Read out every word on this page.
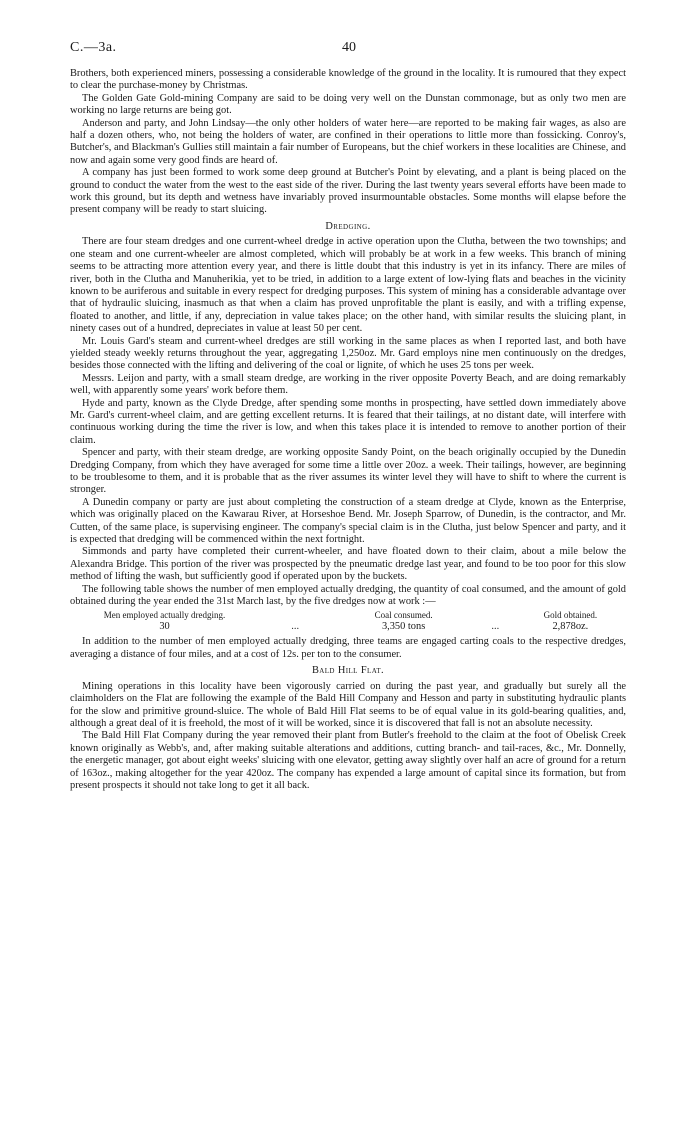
C.—3a.	40

Brothers, both experienced miners, possessing a considerable knowledge of the ground in the locality. It is rumoured that they expect to clear the purchase-money by Christmas.

The Golden Gate Gold-mining Company are said to be doing very well on the Dunstan commonage, but as only two men are working no large returns are being got.

Anderson and party, and John Lindsay—the only other holders of water here—are reported to be making fair wages, as also are half a dozen others, who, not being the holders of water, are confined in their operations to little more than fossicking. Conroy's, Butcher's, and Blackman's Gullies still maintain a fair number of Europeans, but the chief workers in these localities are Chinese, and now and again some very good finds are heard of.

A company has just been formed to work some deep ground at Butcher's Point by elevating, and a plant is being placed on the ground to conduct the water from the west to the east side of the river. During the last twenty years several efforts have been made to work this ground, but its depth and wetness have invariably proved insurmountable obstacles. Some months will elapse before the present company will be ready to start sluicing.

Dredging.

There are four steam dredges and one current-wheel dredge in active operation upon the Clutha, between the two townships; and one steam and one current-wheeler are almost completed, which will probably be at work in a few weeks. This branch of mining seems to be attracting more attention every year, and there is little doubt that this industry is yet in its infancy. There are miles of river, both in the Clutha and Manuherikia, yet to be tried, in addition to a large extent of low-lying flats and beaches in the vicinity known to be auriferous and suitable in every respect for dredging purposes. This system of mining has a considerable advantage over that of hydraulic sluicing, inasmuch as that when a claim has proved unprofitable the plant is easily, and with a trifling expense, floated to another, and little, if any, depreciation in value takes place; on the other hand, with similar results the sluicing plant, in ninety cases out of a hundred, depreciates in value at least 50 per cent.

Mr. Louis Gard's steam and current-wheel dredges are still working in the same places as when I reported last, and both have yielded steady weekly returns throughout the year, aggregating 1,250oz. Mr. Gard employs nine men continuously on the dredges, besides those connected with the lifting and delivering of the coal or lignite, of which he uses 25 tons per week.

Messrs. Leijon and party, with a small steam dredge, are working in the river opposite Poverty Beach, and are doing remarkably well, with apparently some years' work before them.

Hyde and party, known as the Clyde Dredge, after spending some months in prospecting, have settled down immediately above Mr. Gard's current-wheel claim, and are getting excellent returns. It is feared that their tailings, at no distant date, will interfere with continuous working during the time the river is low, and when this takes place it is intended to remove to another portion of their claim.

Spencer and party, with their steam dredge, are working opposite Sandy Point, on the beach originally occupied by the Dunedin Dredging Company, from which they have averaged for some time a little over 20oz. a week. Their tailings, however, are beginning to be troublesome to them, and it is probable that as the river assumes its winter level they will have to shift to where the current is stronger.

A Dunedin company or party are just about completing the construction of a steam dredge at Clyde, known as the Enterprise, which was originally placed on the Kawarau River, at Horseshoe Bend. Mr. Joseph Sparrow, of Dunedin, is the contractor, and Mr. Cutten, of the same place, is supervising engineer. The company's special claim is in the Clutha, just below Spencer and party, and it is expected that dredging will be commenced within the next fortnight.

Simmonds and party have completed their current-wheeler, and have floated down to their claim, about a mile below the Alexandra Bridge. This portion of the river was prospected by the pneumatic dredge last year, and found to be too poor for this slow method of lifting the wash, but sufficiently good if operated upon by the buckets.

The following table shows the number of men employed actually dredging, the quantity of coal consumed, and the amount of gold obtained during the year ended the 31st March last, by the five dredges now at work :—

Men employed actually dredging.		Coal consumed.		Gold obtained.
30	...	3,350 tons	...	2,878oz.

In addition to the number of men employed actually dredging, three teams are engaged carting coals to the respective dredges, averaging a distance of four miles, and at a cost of 12s. per ton to the consumer.

Bald Hill Flat.

Mining operations in this locality have been vigorously carried on during the past year, and gradually but surely all the claimholders on the Flat are following the example of the Bald Hill Company and Hesson and party in substituting hydraulic plants for the slow and primitive ground-sluice. The whole of Bald Hill Flat seems to be of equal value in its gold-bearing qualities, and, although a great deal of it is freehold, the most of it will be worked, since it is discovered that fall is not an absolute necessity.

The Bald Hill Flat Company during the year removed their plant from Butler's freehold to the claim at the foot of Obelisk Creek known originally as Webb's, and, after making suitable alterations and additions, cutting branch- and tail-races, &c., Mr. Donnelly, the energetic manager, got about eight weeks' sluicing with one elevator, getting away slightly over half an acre of ground for a return of 163oz., making altogether for the year 420oz. The company has expended a large amount of capital since its formation, but from present prospects it should not take long to get it all back.
